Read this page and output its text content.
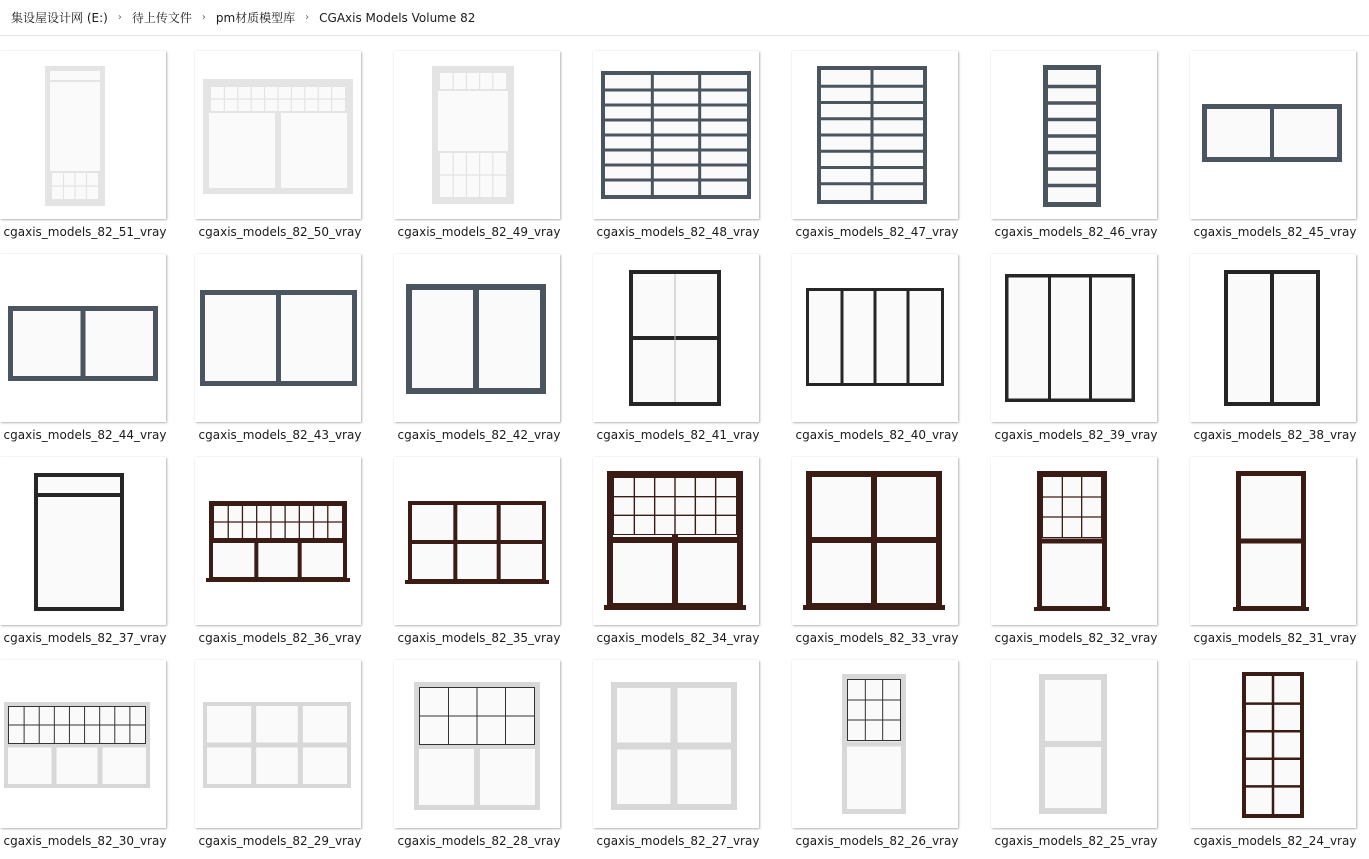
集设屋设计网 (E:)	› 待上传文件	› pm材质模型库	› CGAxis Models Volume 82
cgaxis_models_82_51_vray	cgaxis_models_82_50_vray	cgaxis_models_82_49_vray	cgaxis_models_82_48_vray	cgaxis_models_82_47_vray	cgaxis_models_82_46_vray	cgaxis_models_82_45_vray
cgaxis_models_82_44_vray	cgaxis_models_82_43_vray	cgaxis_models_82_42_vray	cgaxis_models_82_41_vray	cgaxis_models_82_40_vray	cgaxis_models_82_39_vray	cgaxis_models_82_38_vray
cgaxis_models_82_37_vray	cgaxis_models_82_36_vray	cgaxis_models_82_35_vray	cgaxis_models_82_34_vray	cgaxis_models_82_33_vray	cgaxis_models_82_32_vray	cgaxis_models_82_31_vray
cgaxis_models_82_30_vray	cgaxis_models_82_29_vray	cgaxis_models_82_28_vray	cgaxis_models_82_27_vray	cgaxis_models_82_26_vray	cgaxis_models_82_25_vray	cgaxis_models_82_24_vray
